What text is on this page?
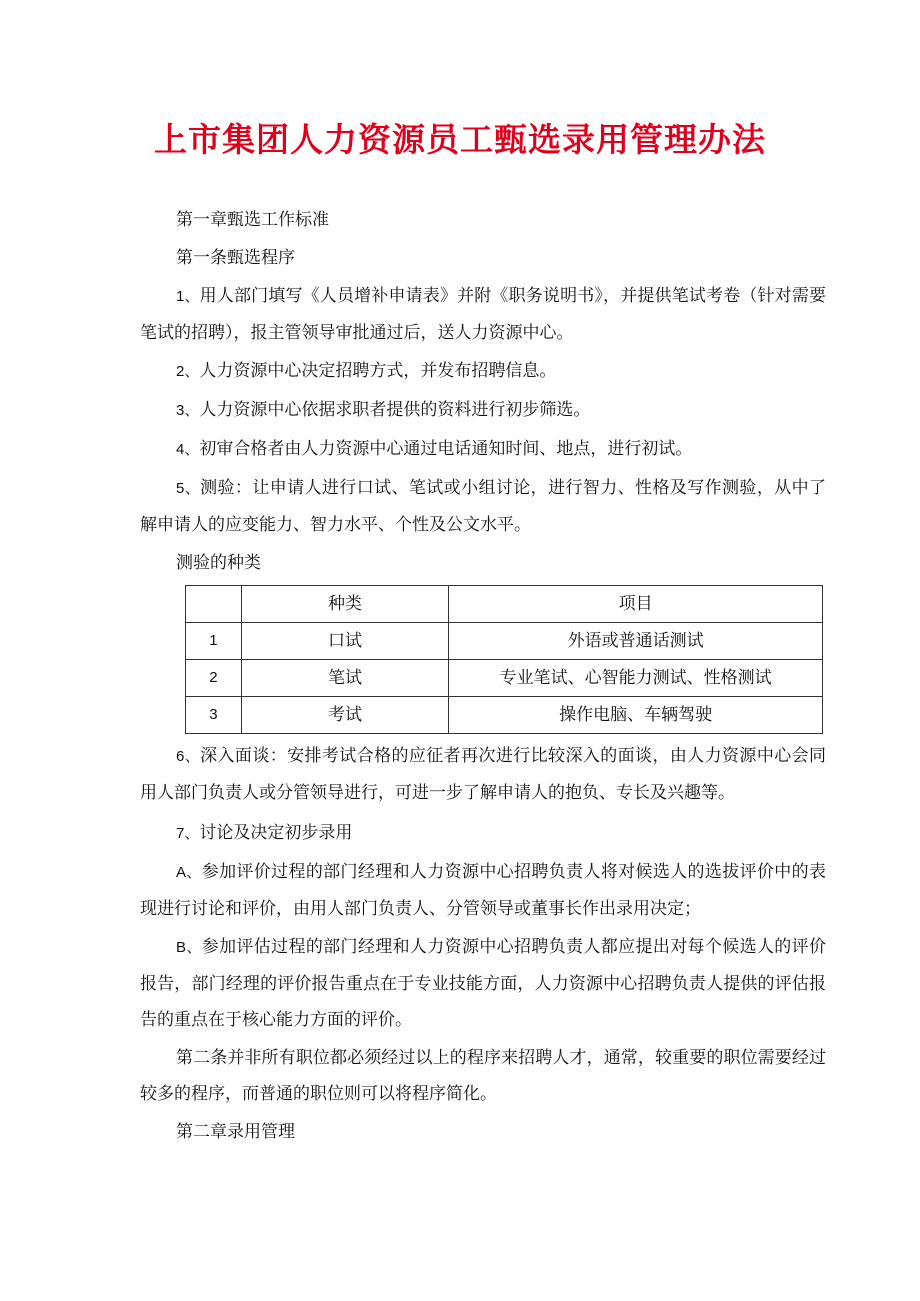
上市集团人力资源员工甄选录用管理办法

第一章甄选工作标准

第一条甄选程序

1、用人部门填写《人员增补申请表》并附《职务说明书》，并提供笔试考卷（针对需要笔试的招聘），报主管领导审批通过后，送人力资源中心。

2、人力资源中心决定招聘方式，并发布招聘信息。

3、人力资源中心依据求职者提供的资料进行初步筛选。

4、初审合格者由人力资源中心通过电话通知时间、地点，进行初试。

5、测验：让申请人进行口试、笔试或小组讨论，进行智力、性格及写作测验，从中了解申请人的应变能力、智力水平、个性及公文水平。

测验的种类

	种类	项目
1	口试	外语或普通话测试
2	笔试	专业笔试、心智能力测试、性格测试
3	考试	操作电脑、车辆驾驶

6、深入面谈：安排考试合格的应征者再次进行比较深入的面谈，由人力资源中心会同用人部门负责人或分管领导进行，可进一步了解申请人的抱负、专长及兴趣等。

7、讨论及决定初步录用

A、参加评价过程的部门经理和人力资源中心招聘负责人将对候选人的选拔评价中的表现进行讨论和评价，由用人部门负责人、分管领导或董事长作出录用决定；

B、参加评估过程的部门经理和人力资源中心招聘负责人都应提出对每个候选人的评价报告，部门经理的评价报告重点在于专业技能方面，人力资源中心招聘负责人提供的评估报告的重点在于核心能力方面的评价。

第二条并非所有职位都必须经过以上的程序来招聘人才，通常，较重要的职位需要经过较多的程序，而普通的职位则可以将程序简化。

第二章录用管理
